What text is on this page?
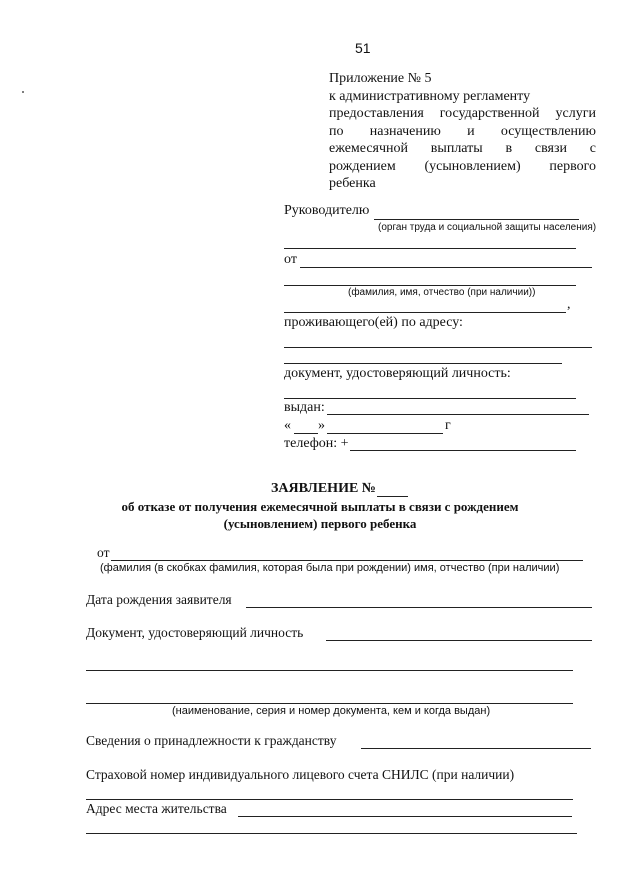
51
Приложение № 5
к административному регламенту
предоставления государственной услуги
по назначению и осуществлению
ежемесячной выплаты в связи с
рождением (усыновлением) первого
ребенка
Руководителю
(орган труда и социальной защиты населения)
от
(фамилия, имя, отчество (при наличии))
,
проживающего(ей) по адресу:
документ, удостоверяющий личность:
выдан:
« »	г
телефон: +
ЗАЯВЛЕНИЕ №
об отказе от получения ежемесячной выплаты в связи с рождением
(усыновлением) первого ребенка
от
(фамилия (в скобках фамилия, которая была при рождении) имя, отчество (при наличии)
Дата рождения заявителя
Документ, удостоверяющий личность
(наименование, серия и номер документа, кем и когда выдан)
Сведения о принадлежности к гражданству
Страховой номер индивидуального лицевого счета СНИЛС (при наличии)
Адрес места жительства
